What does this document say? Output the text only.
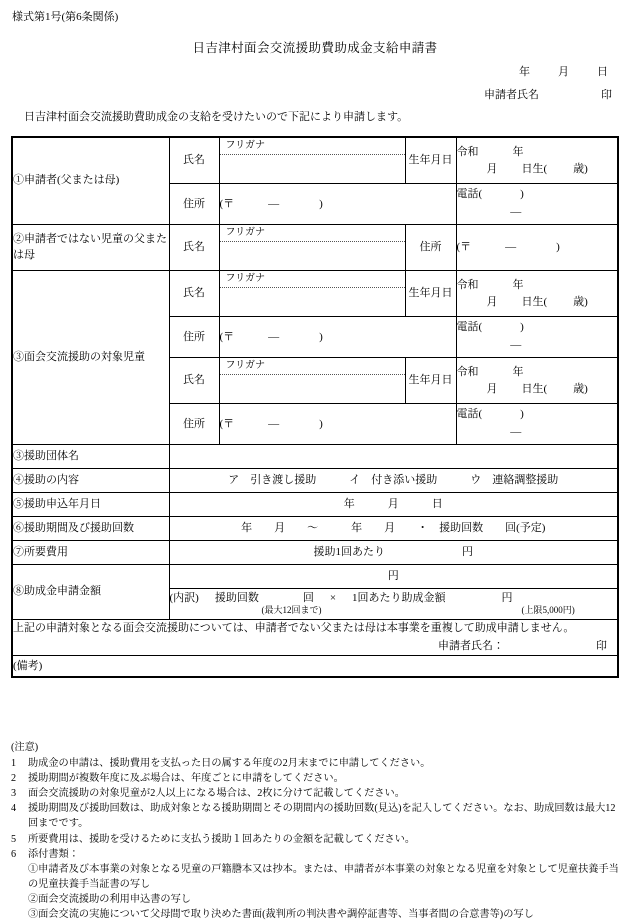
様式第1号(第6条関係)
日吉津村面会交流援助費助成金支給申請書
年	月	日
申請者氏名	印
日吉津村面会交流援助費助成金の支給を受けたいので下記により申請します。
①申請者(父または母)	氏名	フリガナ	生年月日	令和 年
月 日生( 歳)

	住所	(〒 ― )		電話( )
―

②申請者ではない児童の父または母	氏名	フリガナ	住所	(〒 ― )

③面会交流援助の対象児童	氏名	フリガナ	生年月日	令和 年
月 日生( 歳)

	住所	(〒 ― )		電話( )
―

	氏名	フリガナ	生年月日	令和 年
月 日生( 歳)

	住所	(〒 ― )		電話( )
―

③援助団体名				
④援助の内容	ア　引き渡し援助　　　イ　付き添い援助　　　ウ　連絡調整援助			
⑤援助申込年月日	年　　　月　　　日			
⑥援助期間及び援助回数	年　　月　　～　　　年　　月　　・　援助回数　　回(予定)			
⑦所要費用	援助1回あたり　　　　　　　円			
⑧助成金申請金額	円			

	(内訳) 援助回数 回 × 1回あたり助成金額 円
(最大12回まで) (上限5,000円)			

上記の申請対象となる面会交流援助については、申請者でない父または母は本事業を重複して助成申請しません。
申請者氏名： 印				

(備考)				
(注意)
1	助成金の申請は、援助費用を支払った日の属する年度の2月末までに申請してください。
2	援助期間が複数年度に及ぶ場合は、年度ごとに申請をしてください。
3	面会交流援助の対象児童が2人以上になる場合は、2枚に分けて記載してください。
4	援助期間及び援助回数は、助成対象となる援助期間とその期間内の援助回数(見込)を記入してください。なお、助成回数は最大12回までです。
5	所要費用は、援助を受けるために支払う援助１回あたりの金額を記載してください。
6	添付書類：
①申請者及び本事業の対象となる児童の戸籍謄本又は抄本。または、申請者が本事業の対象となる児童を対象として児童扶養手当の児童扶養手当証書の写し
②面会交流援助の利用申込書の写し
③面会交流の実施について父母間で取り決めた書面(裁判所の判決書や調停証書等、当事者間の合意書等)の写し
